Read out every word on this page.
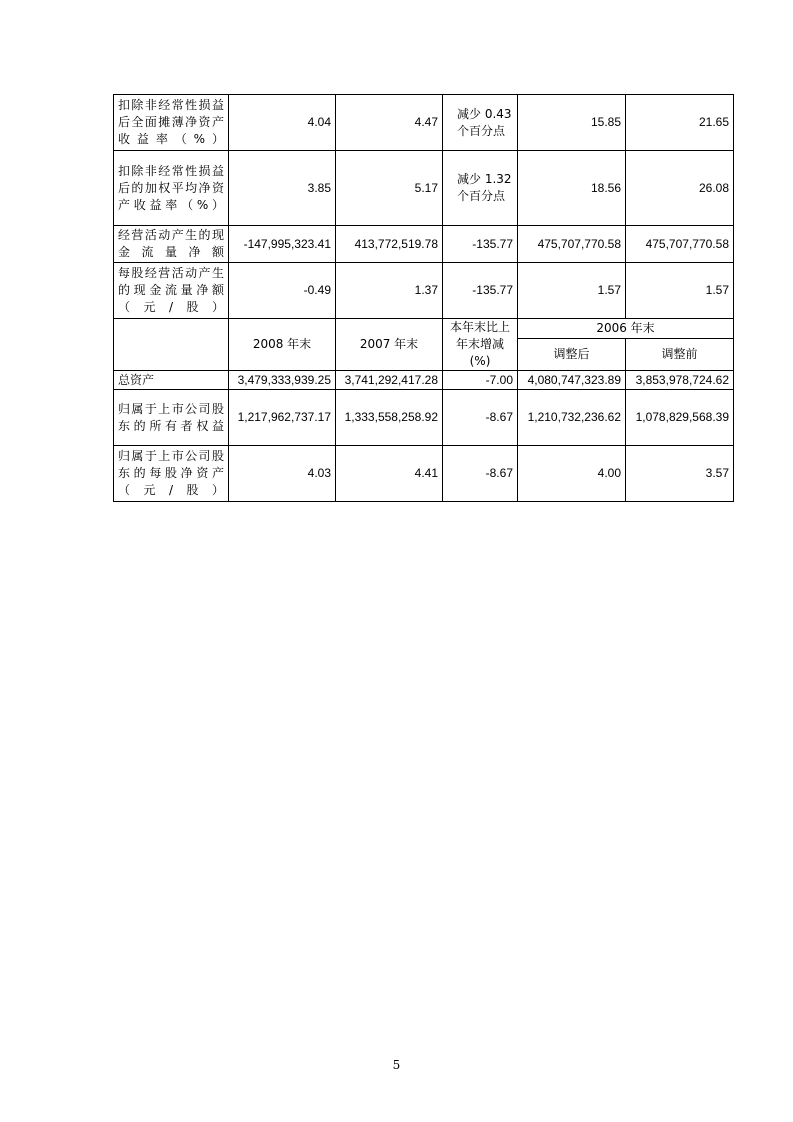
扣除非经常性损益后全面摊薄净资产收益率（%）	4.04	4.47	减少 0.43 个百分点	15.85	21.65
扣除非经常性损益后的加权平均净资产收益率（%）	3.85	5.17	减少 1.32 个百分点	18.56	26.08
经营活动产生的现金流量净额	-147,995,323.41	413,772,519.78	-135.77	475,707,770.58	475,707,770.58
每股经营活动产生的现金流量净额（元/股）	-0.49	1.37	-135.77	1.57	1.57
	2008 年末	2007 年末	本年末比上年末增减(%)	2006 年末	
				调整后	调整前
总资产	3,479,333,939.25	3,741,292,417.28	-7.00	4,080,747,323.89	3,853,978,724.62
归属于上市公司股东的所有者权益	1,217,962,737.17	1,333,558,258.92	-8.67	1,210,732,236.62	1,078,829,568.39
归属于上市公司股东的每股净资产（元/股）	4.03	4.41	-8.67	4.00	3.57
5
